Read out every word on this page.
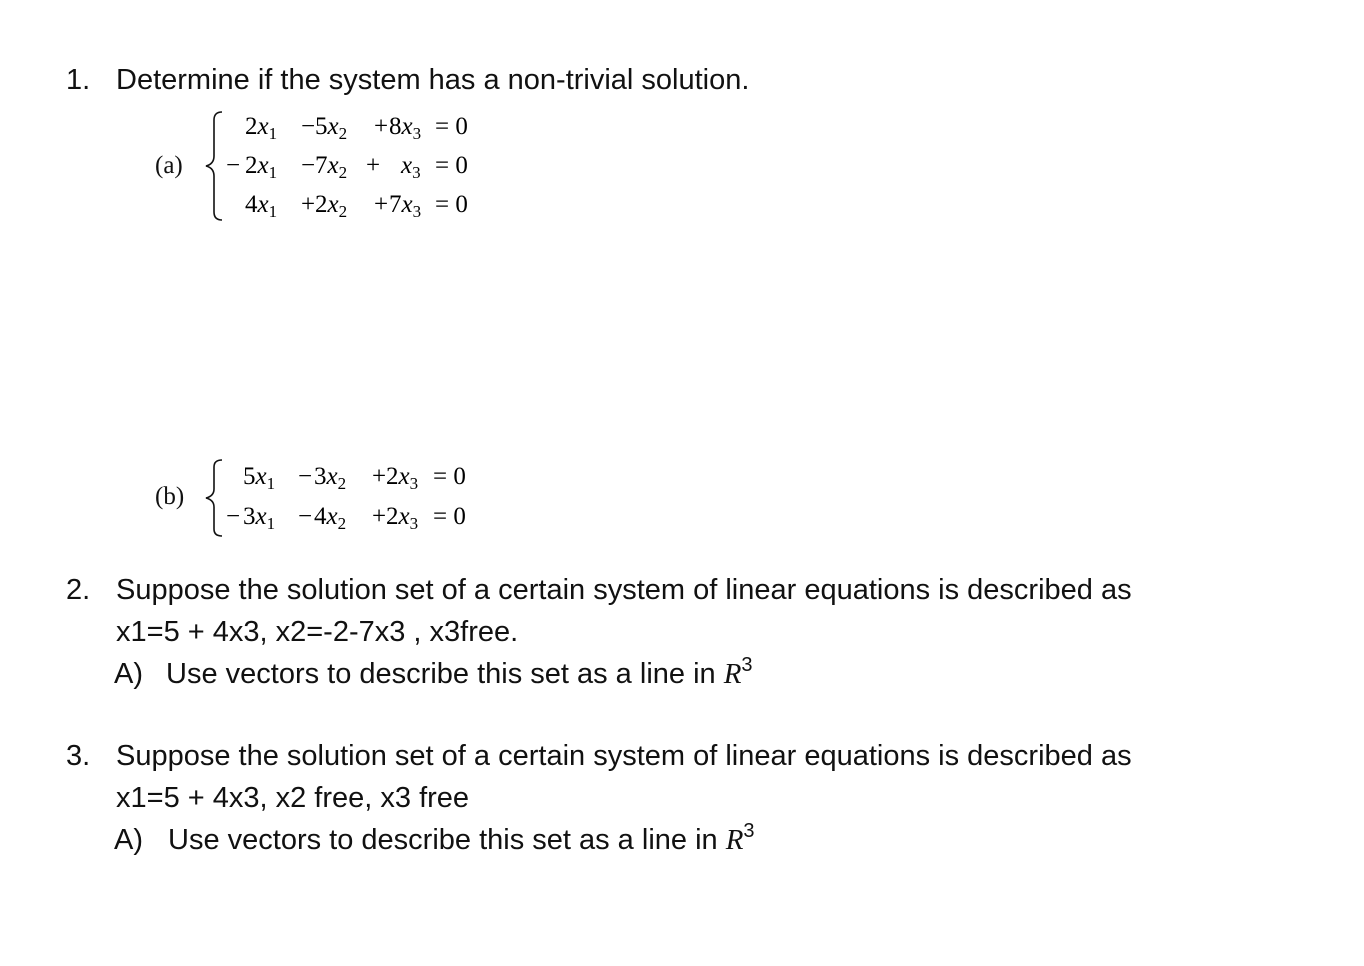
1. Determine if the system has a non-trivial solution.
(a)
$2x_1 - 5x_2 + 8x_3 = 0$
− $2x_1 - 7x_2 + x_3 = 0$
$4x_1 + 2x_2 + 7x_3 = 0$
(b)
$5x_1 - 3x_2 + 2x_3 = 0$
− $3x_1 - 4x_2 + 2x_3 = 0$
2. Suppose the solution set of a certain system of linear equations is described as
x1=5 + 4x3, x2=-2-7x3 , x3free.
A) Use vectors to describe this set as a line in $R^3$
3. Suppose the solution set of a certain system of linear equations is described as
x1=5 + 4x3, x2 free, x3 free
A) Use vectors to describe this set as a line in $R^3$
